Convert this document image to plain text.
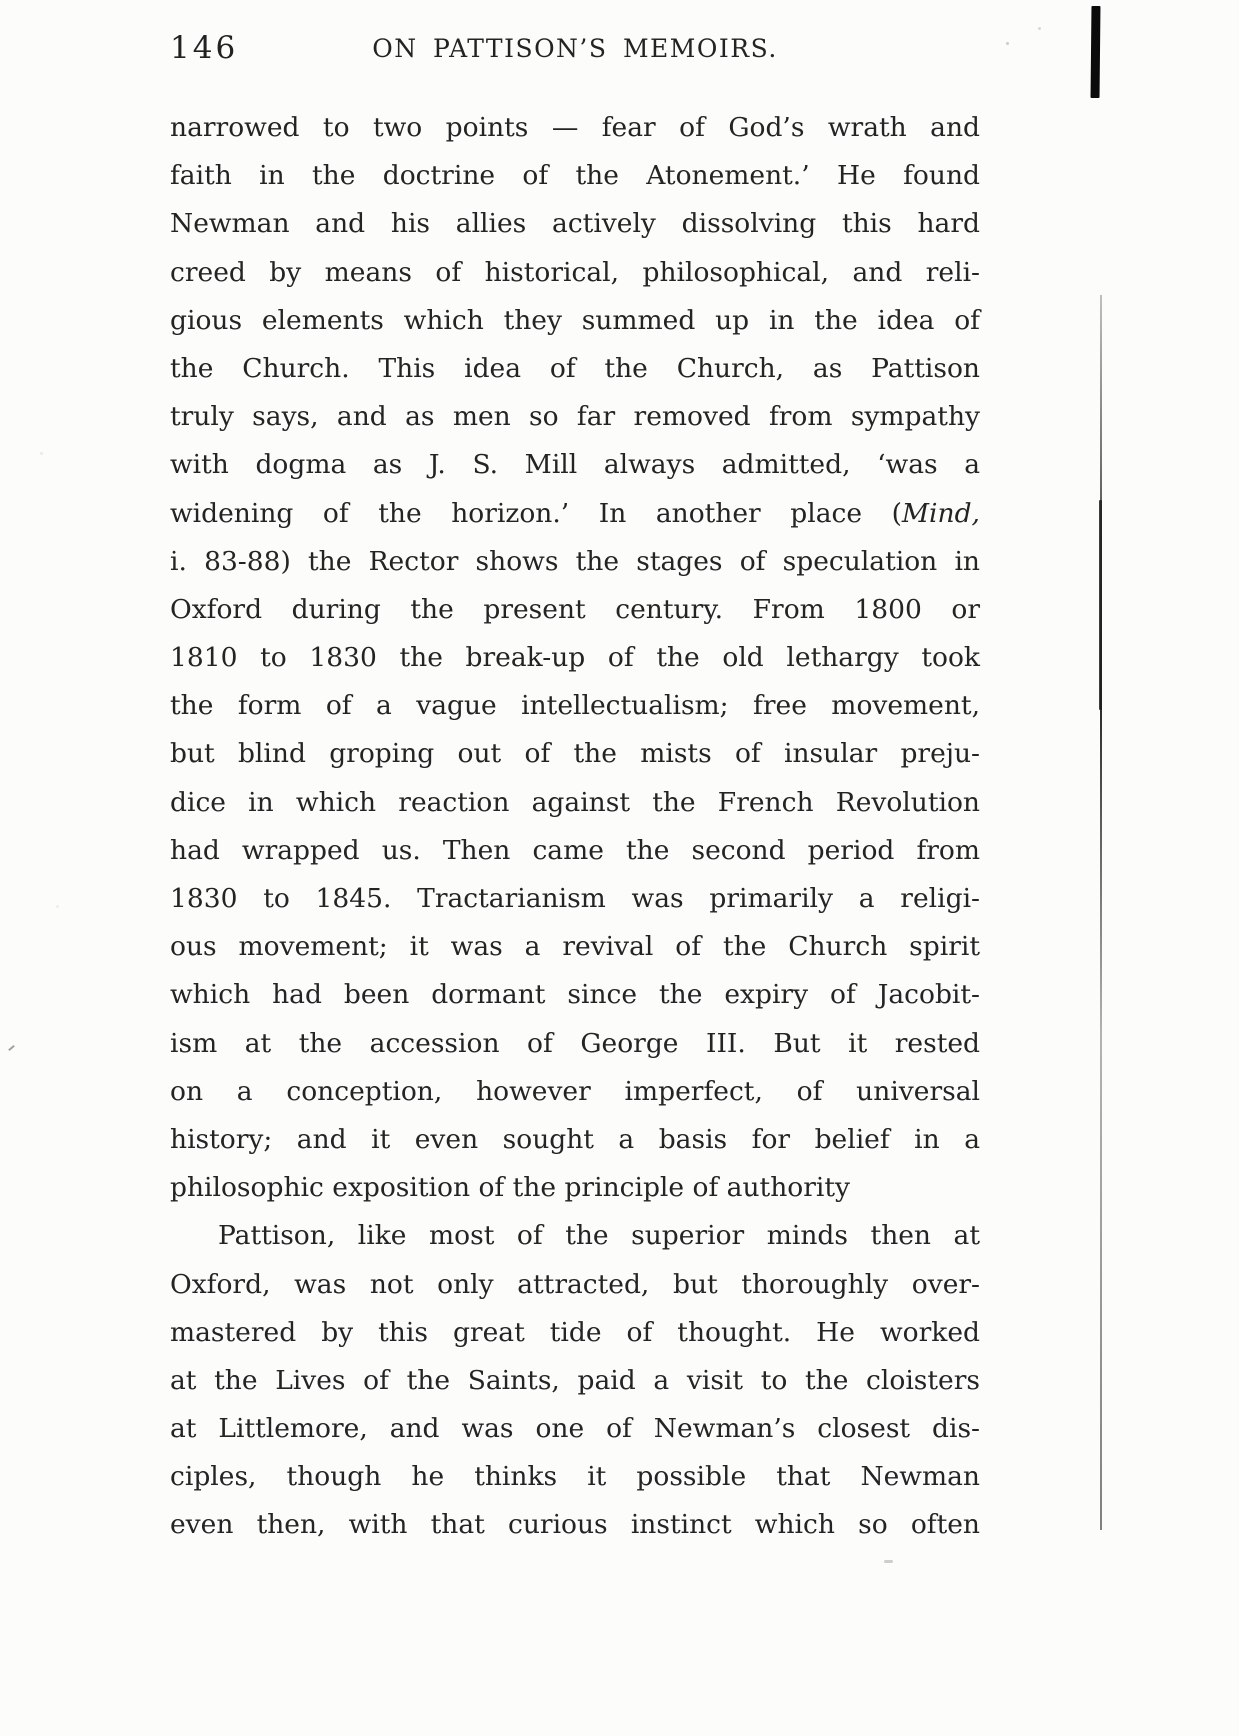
146	ON PATTISON’S MEMOIRS.
narrowed to two points — fear of God’s wrath and
faith in the doctrine of the Atonement.’ He found
Newman and his allies actively dissolving this hard
creed by means of historical, philosophical, and reli-
gious elements which they summed up in the idea of
the Church. This idea of the Church, as Pattison
truly says, and as men so far removed from sympathy
with dogma as J. S. Mill always admitted, ‘was a
widening of the horizon.’ In another place (Mind,
i. 83-88) the Rector shows the stages of speculation in
Oxford during the present century. From 1800 or
1810 to 1830 the break-up of the old lethargy took
the form of a vague intellectualism; free movement,
but blind groping out of the mists of insular preju-
dice in which reaction against the French Revolution
had wrapped us. Then came the second period from
1830 to 1845. Tractarianism was primarily a religi-
ous movement; it was a revival of the Church spirit
which had been dormant since the expiry of Jacobit-
ism at the accession of George III. But it rested
on a conception, however imperfect, of universal
history; and it even sought a basis for belief in a
philosophic exposition of the principle of authority
Pattison, like most of the superior minds then at
Oxford, was not only attracted, but thoroughly over-
mastered by this great tide of thought. He worked
at the Lives of the Saints, paid a visit to the cloisters
at Littlemore, and was one of Newman’s closest dis-
ciples, though he thinks it possible that Newman
even then, with that curious instinct which so often
